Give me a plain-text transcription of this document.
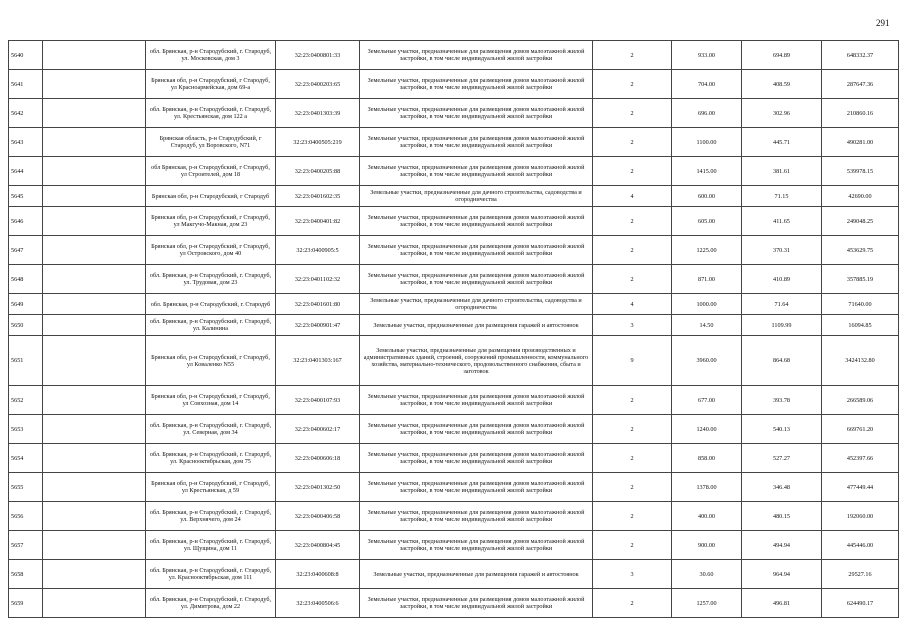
291
5640		обл. Брянская, р-н Стародубский, г. Стародуб, ул. Московская, дом 3	32:23:0400801:33	Земельные участки, предназначенные для размещения домов малоэтажной жилой застройки, в том числе индивидуальной жилой застройки	2	933.00	694.89	648332.37
5641		Брянская обл, р-н Стародубский, г Стародуб, ул Красноармейская, дом 69-а	32:23:0400203:65	Земельные участки, предназначенные для размещения домов малоэтажной жилой застройки, в том числе индивидуальной жилой застройки	2	704.00	408.59	287647.36
5642		обл. Брянская, р-н Стародубский, г. Стародуб, ул. Крестьянская, дом 122 а	32:23:0401303:39	Земельные участки, предназначенные для размещения домов малоэтажной жилой застройки, в том числе индивидуальной жилой застройки	2	696.00	302.96	210860.16
5643		Брянская область, р-н Стародубский, г Стародуб, ул Воровского, N71	32:23:0400505:219	Земельные участки, предназначенные для размещения домов малоэтажной жилой застройки, в том числе индивидуальной жилой застройки	2	1100.00	445.71	490281.00
5644		обл Брянская, р-н Стародубский, г Стародуб, ул Строителей, дом 18	32:23:0400205:88	Земельные участки, предназначенные для размещения домов малоэтажной жилой застройки, в том числе индивидуальной жилой застройки	2	1415.00	381.61	539978.15
5645		Брянская обл, р-н Стародубский, г Стародуб	32:23:0401602:35	Земельные участки, предназначенные для дачного строительства, садоводства и огородничества	4	600.00	71.15	42690.00
5646		Брянская обл, р-н Стародубский, г Стародуб, ул Макгучо-Макная, дом 23	32:23:0400401:82	Земельные участки, предназначенные для размещения домов малоэтажной жилой застройки, в том числе индивидуальной жилой застройки	2	605.00	411.65	249048.25
5647		Брянская обл, р-н Стародубский, г Стародуб, ул Островского, дом 40	32:23:0400905:5	Земельные участки, предназначенные для размещения домов малоэтажной жилой застройки, в том числе индивидуальной жилой застройки	2	1225.00	370.31	453629.75
5648		обл. Брянская, р-н Стародубский, г. Стародуб, ул. Трудовая, дом 23	32:23:0401102:32	Земельные участки, предназначенные для размещения домов малоэтажной жилой застройки, в том числе индивидуальной жилой застройки	2	871.00	410.89	357885.19
5649		обл. Брянская, р-н Стародубский, г. Стародуб	32:23:0401601:80	Земельные участки, предназначенные для дачного строительства, садоводства и огородничества	4	1000.00	71.64	71640.00
5650		обл. Брянская, р-н Стародубский, г. Стародуб, ул. Калинина	32:23:0400901:47	Земельные участки, предназначенные для размещения гаражей и автостоянок	3	14.50	1109.99	16094.85
5651		Брянская обл, р-н Стародубский, г Стародуб, ул Коваленко N55	32:23:0401303:167	Земельные участки, предназначенные для размещения производственных и административных зданий, строений, сооружений промышленности, коммунального хозяйства, материально-технического, продовольственного снабжения, сбыта и заготовок	9	3960.00	864.68	3424132.80
5652		Брянская обл, р-н Стародубский, г Стародуб, ул Совхозная, дом 14	32:23:0400107:93	Земельные участки, предназначенные для размещения домов малоэтажной жилой застройки, в том числе индивидуальной жилой застройки	2	677.00	393.78	266589.06
5653		обл. Брянская, р-н Стародубский, г. Стародуб, ул. Северная, дом 34	32:23:0400602:17	Земельные участки, предназначенные для размещения домов малоэтажной жилой застройки, в том числе индивидуальной жилой застройки	2	1240.00	540.13	669761.20
5654		обл. Брянская, р-н Стародубский, г. Стародуб, ул. Краснооктябрьская, дом 75	32:23:0400606:18	Земельные участки, предназначенные для размещения домов малоэтажной жилой застройки, в том числе индивидуальной жилой застройки	2	858.00	527.27	452397.66
5655		Брянская обл, р-н Стародубский, г Стародуб, ул Крестьянская, д 59	32:23:0401302:50	Земельные участки, предназначенные для размещения домов малоэтажной жилой застройки, в том числе индивидуальной жилой застройки	2	1378.00	346.48	477449.44
5656		обл. Брянская, р-н Стародубский, г. Стародуб, ул. Верхнячего, дом 24	32:23:0400406:58	Земельные участки, предназначенные для размещения домов малоэтажной жилой застройки, в том числе индивидуальной жилой застройки	2	400.00	480.15	192060.00
5657		обл. Брянская, р-н Стародубский, г. Стародуб, ул. Щущина, дом 11	32:23:0400804:45	Земельные участки, предназначенные для размещения домов малоэтажной жилой застройки, в том числе индивидуальной жилой застройки	2	900.00	494.94	445446.00
5658		обл. Брянская, р-н Стародубский, г. Стародуб, ул. Краснооктябрьская, дом 111	32:23:0400608:8	Земельные участки, предназначенные для размещения гаражей и автостоянок	3	30.60	964.94	29527.16
5659		обл. Брянская, р-н Стародубский, г. Стародуб, ул. Димитрова, дом 22	32:23:0400506:6	Земельные участки, предназначенные для размещения домов малоэтажной жилой застройки, в том числе индивидуальной жилой застройки	2	1257.00	496.81	624490.17
